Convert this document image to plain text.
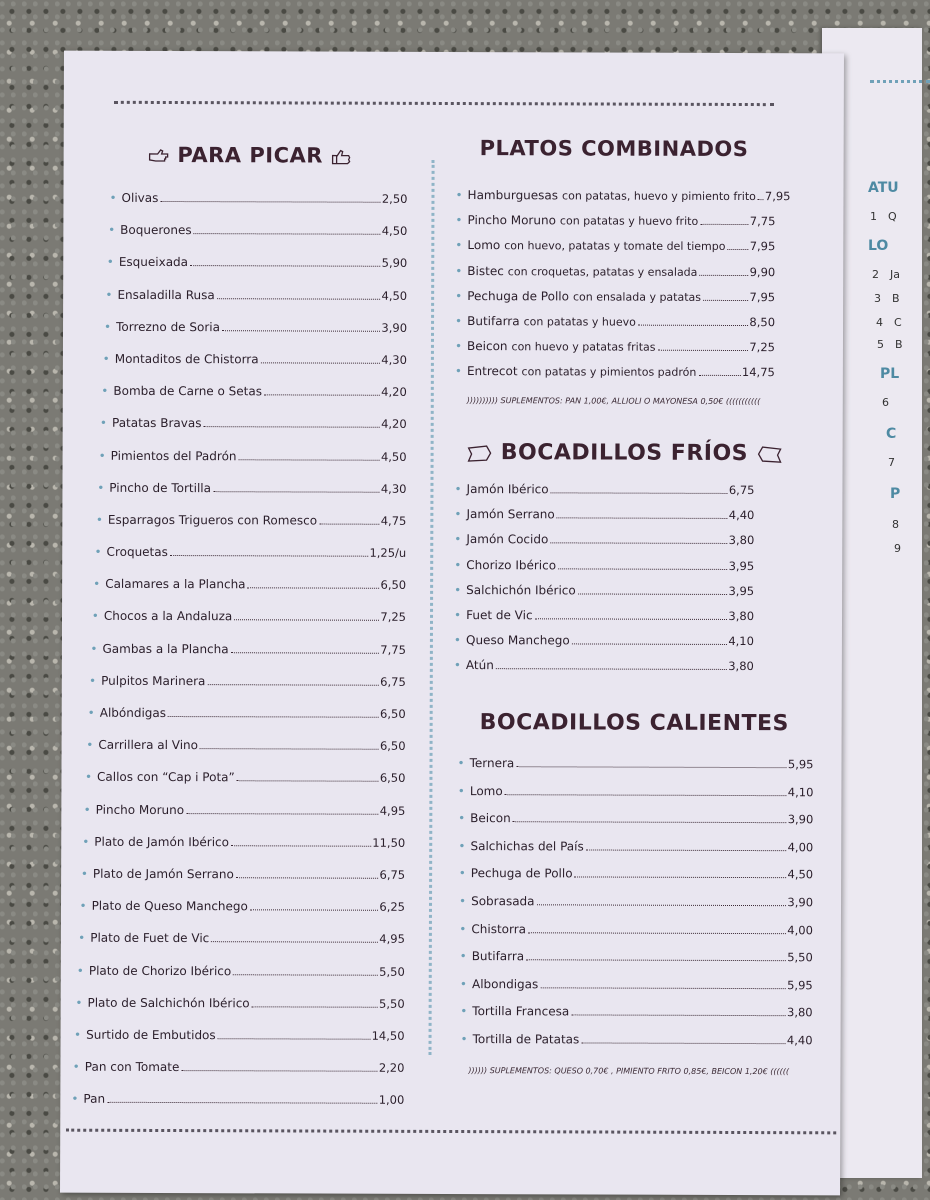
ATU
1 Q
LO
2 Ja
3 B
4 C
5 B
PL
6
C
7
P
8
9
PARA PICAR
• Olivas	2,50
• Boquerones	4,50
• Esqueixada	5,90
• Ensaladilla Rusa	4,50
• Torrezno de Soria	3,90
• Montaditos de Chistorra	4,30
• Bomba de Carne o Setas	4,20
• Patatas Bravas	4,20
• Pimientos del Padrón	4,50
• Pincho de Tortilla	4,30
• Esparragos Trigueros con Romesco	4,75
• Croquetas	1,25/u
• Calamares a la Plancha	6,50
• Chocos a la Andaluza	7,25
• Gambas a la Plancha	7,75
• Pulpitos Marinera	6,75
• Albóndigas	6,50
• Carrillera al Vino	6,50
• Callos con “Cap i Pota”	6,50
• Pincho Moruno	4,95
• Plato de Jamón Ibérico	11,50
• Plato de Jamón Serrano	6,75
• Plato de Queso Manchego	6,25
• Plato de Fuet de Vic	4,95
• Plato de Chorizo Ibérico	5,50
• Plato de Salchichón Ibérico	5,50
• Surtido de Embutidos	14,50
• Pan con Tomate	2,20
• Pan	1,00
PLATOS COMBINADOS
• Hamburguesas con patatas, huevo y pimiento frito 7,95
• Pincho Moruno con patatas y huevo frito	7,75
• Lomo con huevo, patatas y tomate del tiempo 7,95
• Bistec con croquetas, patatas y ensalada	9,90
• Pechuga de Pollo con ensalada y patatas	7,95
• Butifarra con patatas y huevo	8,50
• Beicon con huevo y patatas fritas	7,25
• Entrecot con patatas y pimientos padrón	14,75
)))))))))) SUPLEMENTOS: PAN 1,00€, ALLIOLI O MAYONESA 0,50€ (((((((((((
BOCADILLOS FRÍOS
• Jamón Ibérico	6,75
• Jamón Serrano	4,40
• Jamón Cocido	3,80
• Chorizo Ibérico	3,95
• Salchichón Ibérico	3,95
• Fuet de Vic	3,80
• Queso Manchego	4,10
• Atún	3,80
BOCADILLOS CALIENTES
• Ternera	5,95
• Lomo	4,10
• Beicon	3,90
• Salchichas del País	4,00
• Pechuga de Pollo	4,50
• Sobrasada	3,90
• Chistorra	4,00
• Butifarra	5,50
• Albondigas	5,95
• Tortilla Francesa	3,80
• Tortilla de Patatas	4,40
)))))) SUPLEMENTOS: QUESO 0,70€ , PIMIENTO FRITO 0,85€, BEICON 1,20€ ((((((
